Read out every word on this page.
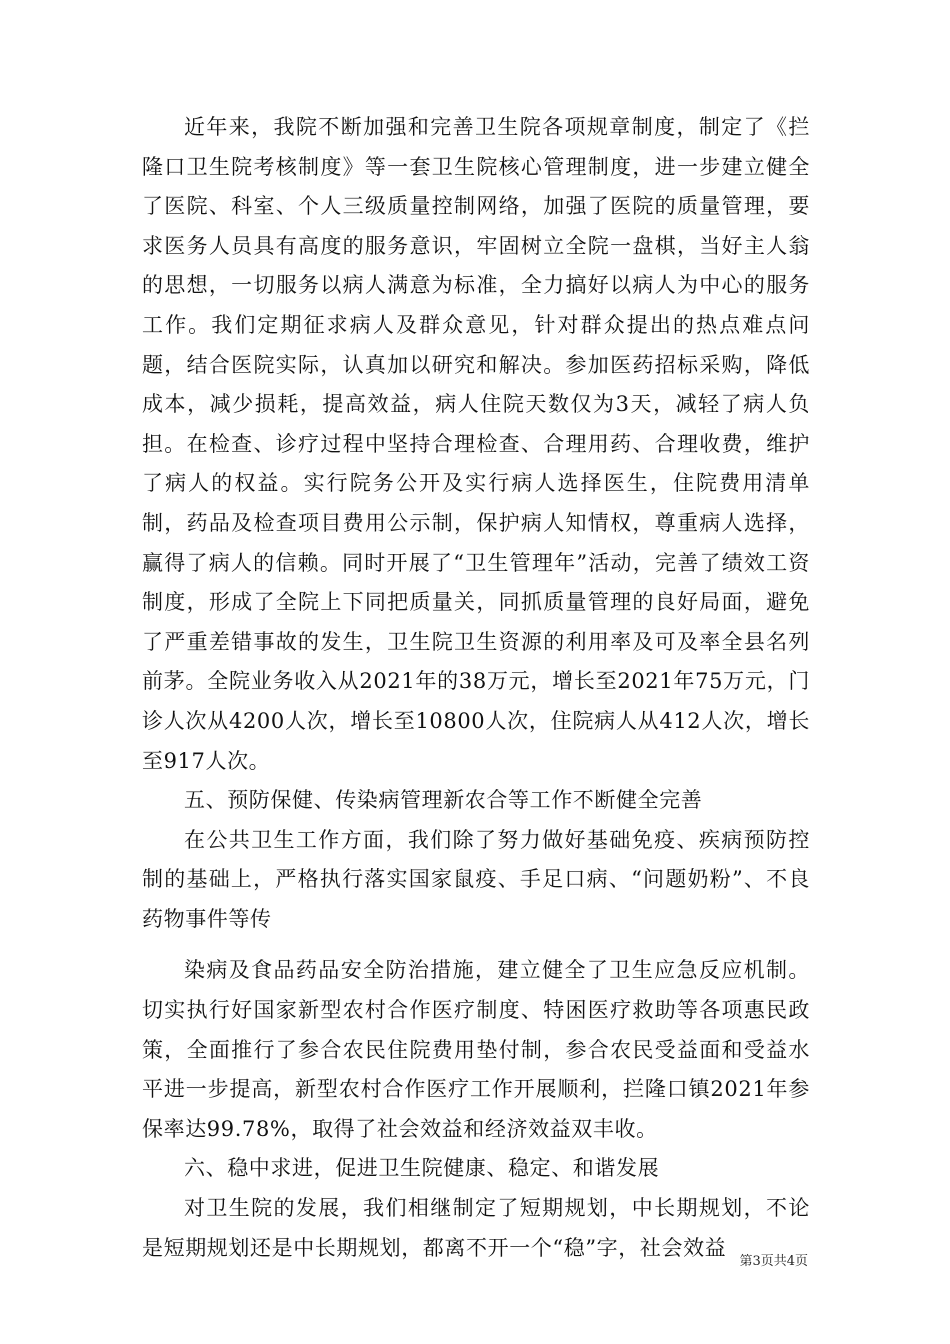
近年来，我院不断加强和完善卫生院各项规章制度，制定了《拦隆口卫生院考核制度》等一套卫生院核心管理制度，进一步建立健全了医院、科室、个人三级质量控制网络，加强了医院的质量管理，要求医务人员具有高度的服务意识，牢固树立全院一盘棋，当好主人翁的思想，一切服务以病人满意为标准，全力搞好以病人为中心的服务工作。我们定期征求病人及群众意见，针对群众提出的热点难点问题，结合医院实际，认真加以研究和解决。参加医药招标采购，降低成本，减少损耗，提高效益，病人住院天数仅为3天，减轻了病人负担。在检查、诊疗过程中坚持合理检查、合理用药、合理收费，维护了病人的权益。实行院务公开及实行病人选择医生，住院费用清单制，药品及检查项目费用公示制，保护病人知情权，尊重病人选择，赢得了病人的信赖。同时开展了“卫生管理年”活动，完善了绩效工资制度，形成了全院上下同把质量关，同抓质量管理的良好局面，避免了严重差错事故的发生，卫生院卫生资源的利用率及可及率全县名列前茅。全院业务收入从2021年的38万元，增长至2021年75万元，门诊人次从4200人次，增长至10800人次，住院病人从412人次，增长至917人次。

五、预防保健、传染病管理新农合等工作不断健全完善

在公共卫生工作方面，我们除了努力做好基础免疫、疾病预防控制的基础上，严格执行落实国家鼠疫、手足口病、“问题奶粉”、不良药物事件等传

染病及食品药品安全防治措施，建立健全了卫生应急反应机制。切实执行好国家新型农村合作医疗制度、特困医疗救助等各项惠民政策，全面推行了参合农民住院费用垫付制，参合农民受益面和受益水平进一步提高，新型农村合作医疗工作开展顺利，拦隆口镇2021年参保率达99.78%，取得了社会效益和经济效益双丰收。

六、稳中求进，促进卫生院健康、稳定、和谐发展

对卫生院的发展，我们相继制定了短期规划，中长期规划，不论是短期规划还是中长期规划，都离不开一个“稳”字，社会效益

第3页共4页
